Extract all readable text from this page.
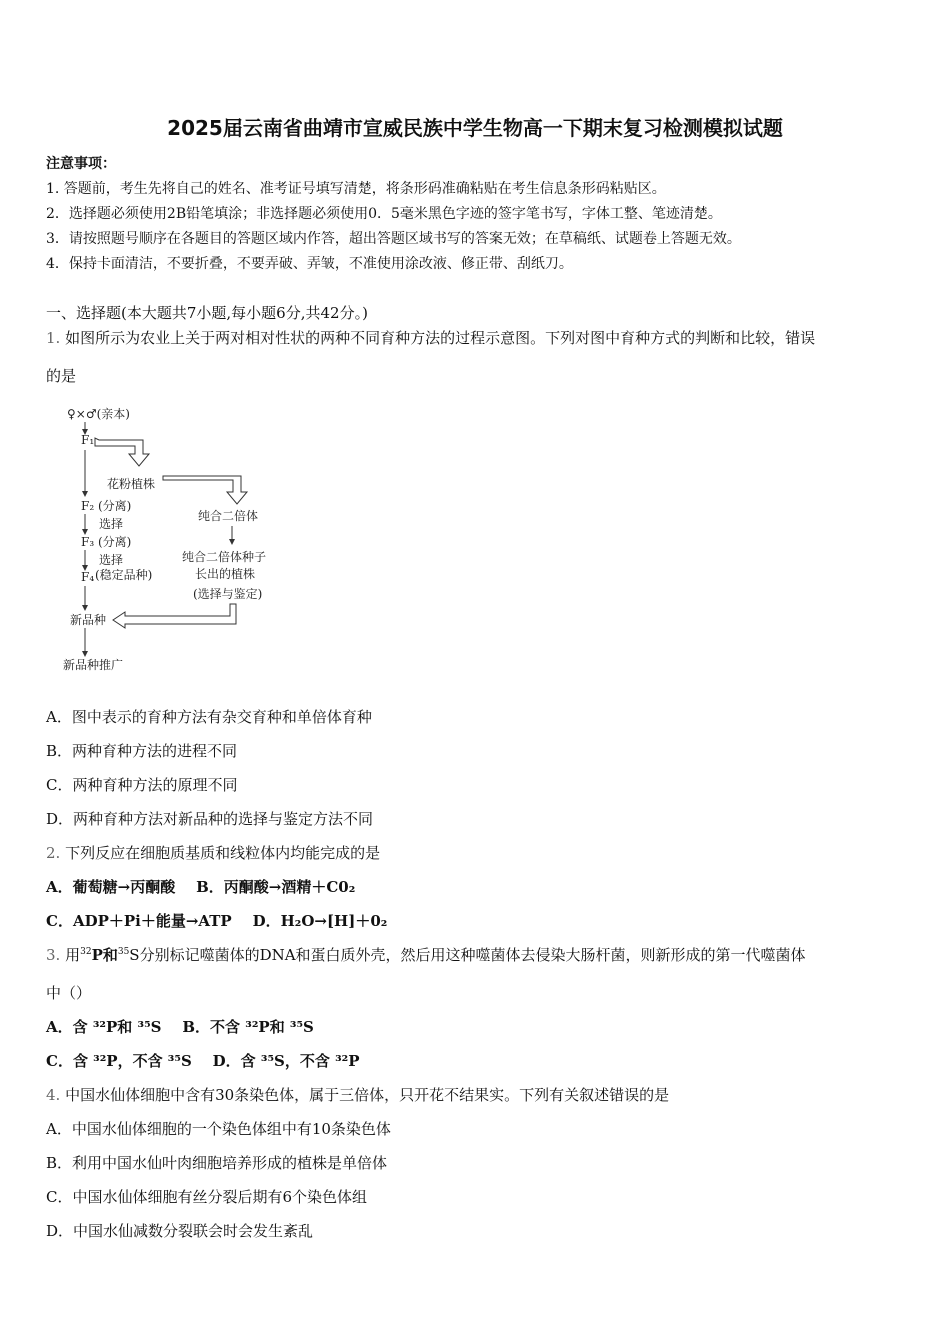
2025届云南省曲靖市宣威民族中学生物高一下期末复习检测模拟试题
注意事项：
1. 答题前，考生先将自己的姓名、准考证号填写清楚，将条形码准确粘贴在考生信息条形码粘贴区。
2．选择题必须使用2B铅笔填涂；非选择题必须使用0．5毫米黑色字迹的签字笔书写，字体工整、笔迹清楚。
3．请按照题号顺序在各题目的答题区域内作答，超出答题区域书写的答案无效；在草稿纸、试题卷上答题无效。
4．保持卡面清洁，不要折叠，不要弄破、弄皱，不准使用涂改液、修正带、刮纸刀。
一、选择题(本大题共7小题,每小题6分,共42分。)
1. 如图所示为农业上关于两对相对性状的两种不同育种方法的过程示意图。下列对图中育种方式的判断和比较，错误
的是
♀×♂(亲本)
F₁
花粉植株
F₂ (分离)
选择
F₃ (分离)
选择
F₄ (稳定品种)
新品种
新品种推广
纯合二倍体
纯合二倍体种子
长出的植株
(选择与鉴定)
A．图中表示的育种方法有杂交育种和单倍体育种
B．两种育种方法的进程不同
C．两种育种方法的原理不同
D．两种育种方法对新品种的选择与鉴定方法不同
2. 下列反应在细胞质基质和线粒体内均能完成的是
A．葡萄糖→丙酮酸 B．丙酮酸→酒精＋C0₂
C．ADP＋Pi＋能量→ATP D．H₂O→[H]＋0₂
3. 用$^{32}$P和$^{35}$S分别标记噬菌体的DNA和蛋白质外壳，然后用这种噬菌体去侵染大肠杆菌，则新形成的第一代噬菌体
中（）
A．含 ³²P和 ³⁵S B．不含 ³²P和 ³⁵S
C．含 ³²P，不含 ³⁵S D．含 ³⁵S，不含 ³²P
4. 中国水仙体细胞中含有30条染色体，属于三倍体，只开花不结果实。下列有关叙述错误的是
A．中国水仙体细胞的一个染色体组中有10条染色体
B．利用中国水仙叶肉细胞培养形成的植株是单倍体
C．中国水仙体细胞有丝分裂后期有6个染色体组
D．中国水仙减数分裂联会时会发生紊乱
